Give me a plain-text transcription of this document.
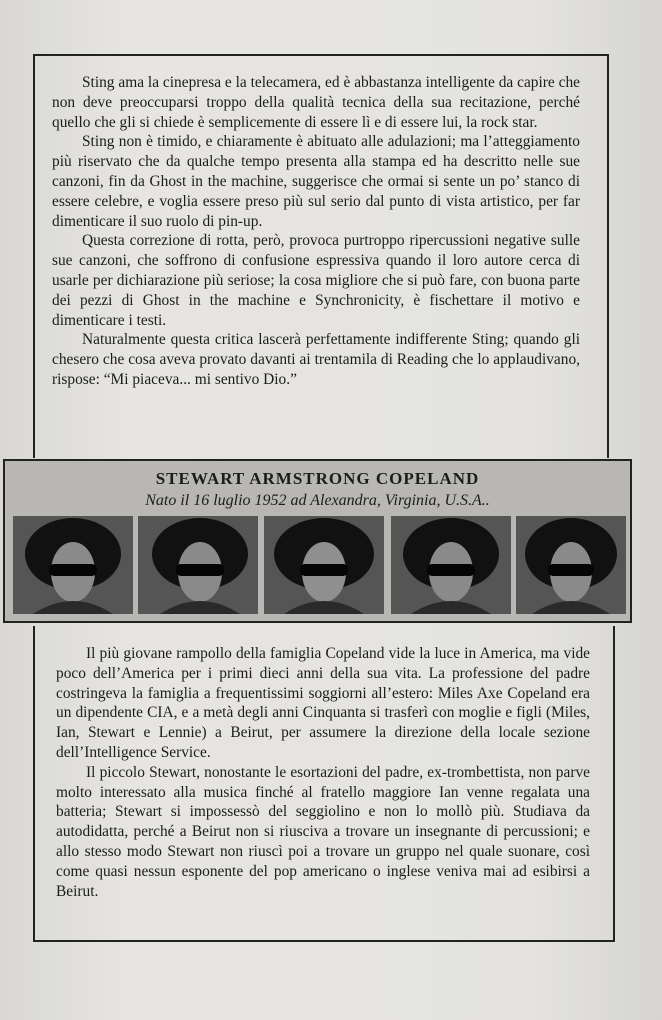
Sting ama la cinepresa e la telecamera, ed è abbastanza intelligente da capire che non deve preoccuparsi troppo della qualità tecnica della sua recitazione, perché quello che gli si chiede è semplicemente di essere lì e di essere lui, la rock star.

Sting non è timido, e chiaramente è abituato alle adulazioni; ma l’atteggiamento più riservato che da qualche tempo presenta alla stampa ed ha descritto nelle sue canzoni, fin da Ghost in the machine, suggerisce che ormai si sente un po’ stanco di essere celebre, e voglia essere preso più sul serio dal punto di vista artistico, per far dimenticare il suo ruolo di pin-up.

Questa correzione di rotta, però, provoca purtroppo ripercussioni negative sulle sue canzoni, che soffrono di confusione espressiva quando il loro autore cerca di usarle per dichiarazione più seriose; la cosa migliore che si può fare, con buona parte dei pezzi di Ghost in the machine e Synchronicity, è fischettare il motivo e dimenticare i testi.

Naturalmente questa critica lascerà perfettamente indifferente Sting; quando gli chesero che cosa aveva provato davanti ai trentamila di Reading che lo applaudivano, rispose: “Mi piaceva... mi sentivo Dio.”

STEWART ARMSTRONG COPELAND
Nato il 16 luglio 1952 ad Alexandra, Virginia, U.S.A..

Il più giovane rampollo della famiglia Copeland vide la luce in America, ma vide poco dell’America per i primi dieci anni della sua vita. La professione del padre costringeva la famiglia a frequentissimi soggiorni all’estero: Miles Axe Copeland era un dipendente CIA, e a metà degli anni Cinquanta si trasferì con moglie e figli (Miles, Ian, Stewart e Lennie) a Beirut, per assumere la direzione della locale sezione dell’Intelligence Service.

Il piccolo Stewart, nonostante le esortazioni del padre, ex-trombettista, non parve molto interessato alla musica finché al fratello maggiore Ian venne regalata una batteria; Stewart si impossessò del seggiolino e non lo mollò più. Studiava da autodidatta, perché a Beirut non si riusciva a trovare un insegnante di percussioni; e allo stesso modo Stewart non riuscì poi a trovare un gruppo nel quale suonare, così come quasi nessun esponente del pop americano o inglese veniva mai ad esibirsi a Beirut.
